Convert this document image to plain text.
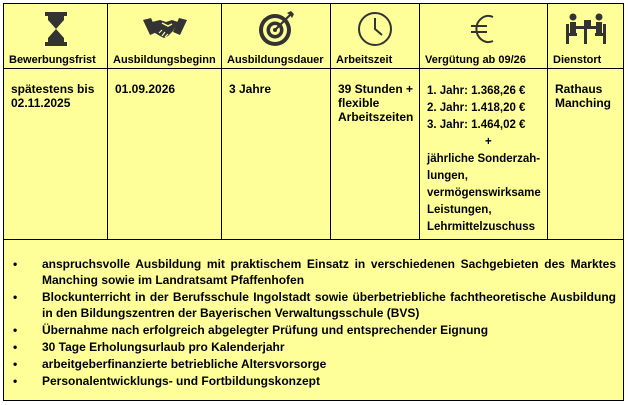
Bewerbungsfrist
spätestens bis
02.11.2025
Ausbildungsbeginn
01.09.2026
Ausbildungsdauer
3 Jahre
Arbeitszeit
39 Stunden +
flexible
Arbeitszeiten
Vergütung ab 09/26
1. Jahr: 1.368,26 €
2. Jahr: 1.418,20 €
3. Jahr: 1.464,02 €
+
jährliche Sonderzah-
lungen,
vermögenswirksame
Leistungen,
Lehrmittelzuschuss
Dienstort
Rathaus
Manching
• anspruchsvolle Ausbildung mit praktischem Einsatz in verschiedenen Sachgebieten des Marktes Manching sowie im Landratsamt Pfaffenhofen
• Blockunterricht in der Berufsschule Ingolstadt sowie überbetriebliche fachtheoretische Ausbildung in den Bildungszentren der Bayerischen Verwaltungsschule (BVS)
• Übernahme nach erfolgreich abgelegter Prüfung und entsprechender Eignung
• 30 Tage Erholungsurlaub pro Kalenderjahr
• arbeitgeberfinanzierte betriebliche Altersvorsorge
• Personalentwicklungs- und Fortbildungskonzept
